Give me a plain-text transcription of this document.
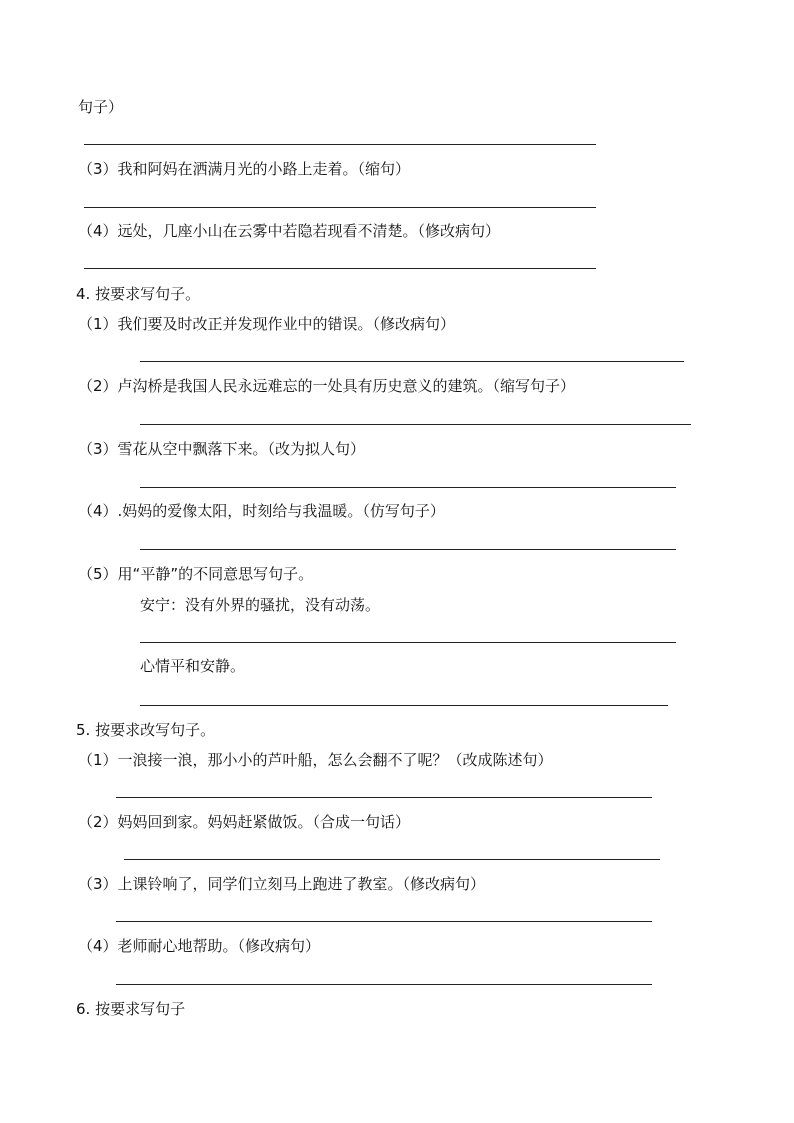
句子）
（3）我和阿妈在洒满月光的小路上走着。（缩句）
（4）远处，几座小山在云雾中若隐若现看不清楚。（修改病句）
4. 按要求写句子。
（1）我们要及时改正并发现作业中的错误。（修改病句）
（2）卢沟桥是我国人民永远难忘的一处具有历史意义的建筑。（缩写句子）
（3）雪花从空中飘落下来。（改为拟人句）
（4）.妈妈的爱像太阳，时刻给与我温暖。（仿写句子）
（5）用“平静”的不同意思写句子。
安宁：没有外界的骚扰，没有动荡。
心情平和安静。
5. 按要求改写句子。
（1）一浪接一浪，那小小的芦叶船，怎么会翻不了呢？（改成陈述句）
（2）妈妈回到家。妈妈赶紧做饭。（合成一句话）
（3）上课铃响了，同学们立刻马上跑进了教室。（修改病句）
（4）老师耐心地帮助。（修改病句）
6. 按要求写句子
